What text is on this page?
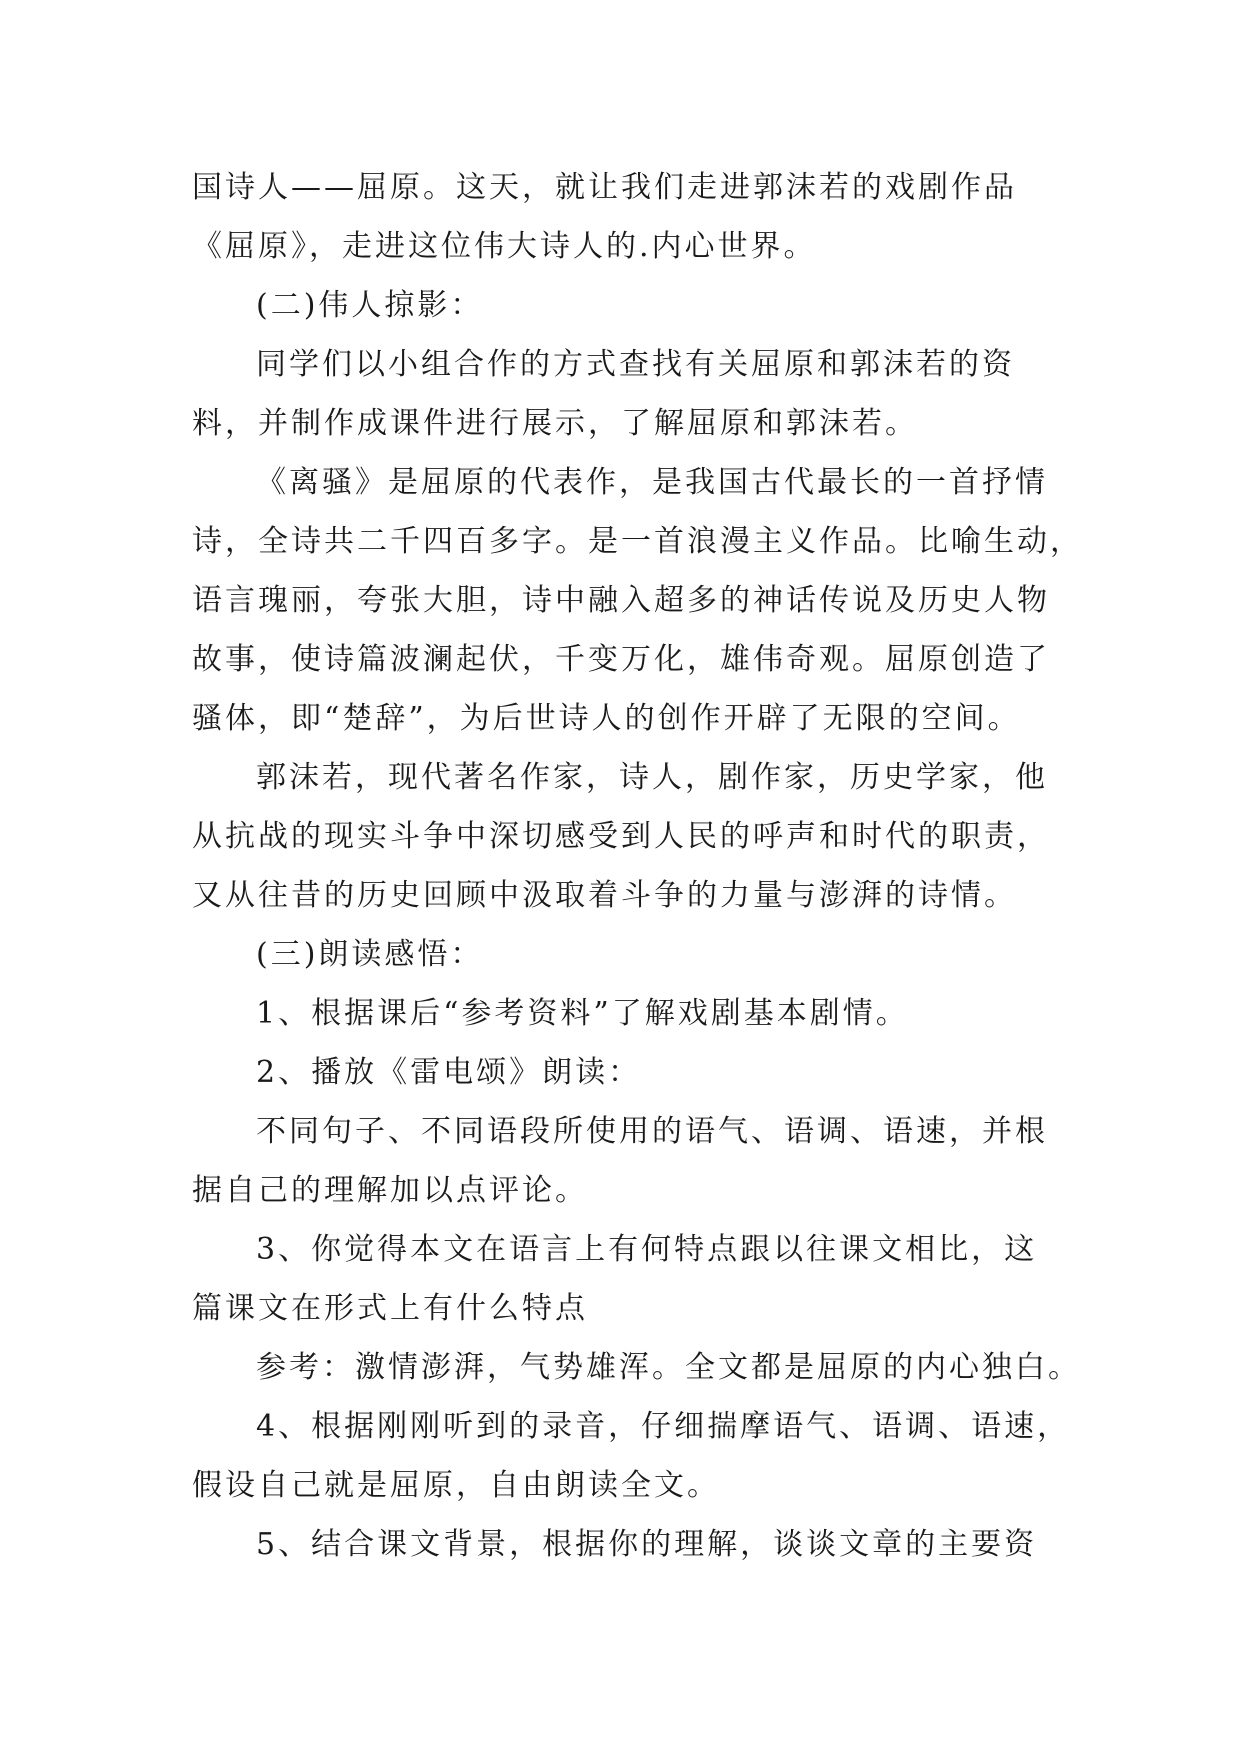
国诗人——屈原。这天，就让我们走进郭沫若的戏剧作品
《屈原》，走进这位伟大诗人的.内心世界。
(二)伟人掠影：
同学们以小组合作的方式查找有关屈原和郭沫若的资
料，并制作成课件进行展示，了解屈原和郭沫若。
《离骚》是屈原的代表作，是我国古代最长的一首抒情
诗，全诗共二千四百多字。是一首浪漫主义作品。比喻生动，
语言瑰丽，夸张大胆，诗中融入超多的神话传说及历史人物
故事，使诗篇波澜起伏，千变万化，雄伟奇观。屈原创造了
骚体，即“楚辞”，为后世诗人的创作开辟了无限的空间。
郭沫若，现代著名作家，诗人，剧作家，历史学家，他
从抗战的现实斗争中深切感受到人民的呼声和时代的职责，
又从往昔的历史回顾中汲取着斗争的力量与澎湃的诗情。
(三)朗读感悟：
1、根据课后“参考资料”了解戏剧基本剧情。
2、播放《雷电颂》朗读：
不同句子、不同语段所使用的语气、语调、语速，并根
据自己的理解加以点评论。
3、你觉得本文在语言上有何特点跟以往课文相比，这
篇课文在形式上有什么特点
参考：激情澎湃，气势雄浑。全文都是屈原的内心独白。
4、根据刚刚听到的录音，仔细揣摩语气、语调、语速，
假设自己就是屈原，自由朗读全文。
5、结合课文背景，根据你的理解，谈谈文章的主要资
